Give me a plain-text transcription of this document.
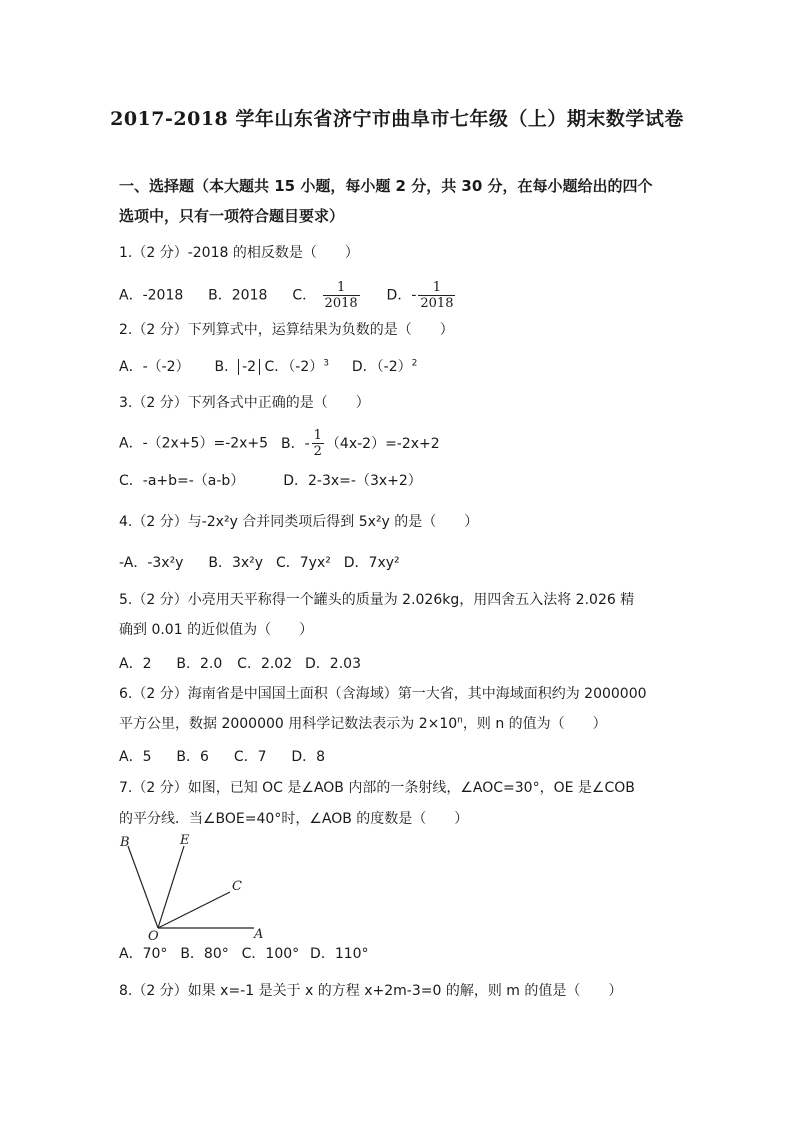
2017-2018 学年山东省济宁市曲阜市七年级（上）期末数学试卷
一、选择题（本大题共 15 小题，每小题 2 分，共 30 分，在每小题给出的四个
选项中，只有一项符合题目要求）
1.（2 分）-2018 的相反数是（　　）
A．-2018 B．2018 C． $\frac{1}{2018}$ D．- $\frac{1}{2018}$
2.（2 分）下列算式中，运算结果为负数的是（　　）
A．-（-2） B． -2 C．$(-2)^3$ D．$(-2)^2$
3.（2 分）下列各式中正确的是（　　）
A．-（2x+5）=-2x+5 B．- $\frac{1}{2} (4x-2)=-2x+2$
C．-a+b=-（a-b）	D．2-3x=-（3x+2）
4.（2 分）与-2x²y 合并同类项后得到 5x²y 的是（　　）
-A．-3x²y B．3x²y C．7yx² D．7xy²
5.（2 分）小亮用天平称得一个罐头的质量为 2.026kg，用四舍五入法将 2.026 精
确到 0.01 的近似值为（　　）
A．2 B．2.0 C．2.02 D．2.03
6.（2 分）海南省是中国国土面积（含海域）第一大省，其中海域面积约为 2000000
平方公里，数据 2000000 用科学记数法表示为 $2\times 10^n$，则 n 的值为（　　）
A．5 B．6 C．7 D．8
7.（2 分）如图，已知 OC 是∠AOB 内部的一条射线，∠AOC=30°，OE 是∠COB
的平分线．当∠BOE=40°时，∠AOB 的度数是（　　）
B	E
C
O	A
A．70° B．80° C．100° D．110°
8.（2 分）如果 x=-1 是关于 x 的方程 x+2m-3=0 的解，则 m 的值是（　　）
